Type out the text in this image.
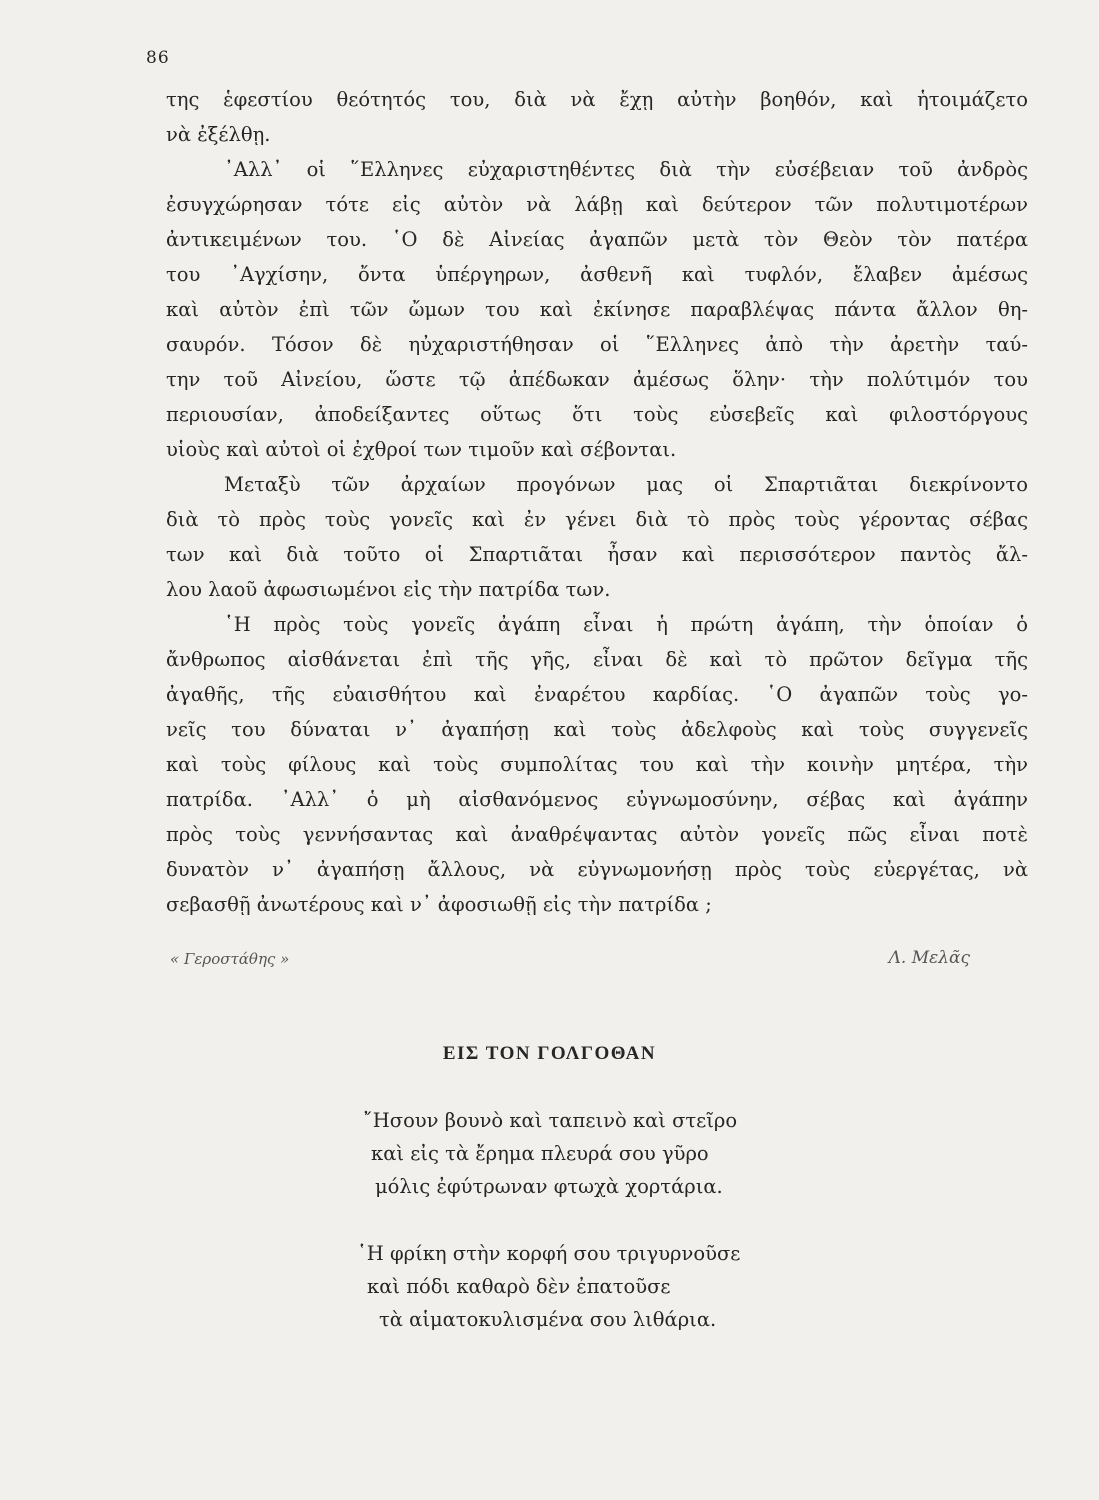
86
της ἑφεστίου θεότητός του, διὰ νὰ ἔχῃ αὐτὴν βοηθόν, καὶ ἡτοιμάζετο
νὰ ἐξέλθῃ.
᾿Αλλ᾽ οἱ ῞Ελληνες εὐχαριστηθέντες διὰ τὴν εὐσέβειαν τοῦ ἀνδρὸς
ἐσυγχώρησαν τότε εἰς αὐτὸν νὰ λάβῃ καὶ δεύτερον τῶν πολυτιμοτέρων
ἀντικειμένων του. ῾Ο δὲ Αἰνείας ἀγαπῶν μετὰ τὸν Θεὸν τὸν πατέρα
του ᾿Αγχίσην, ὄντα ὑπέργηρων, ἀσθενῆ καὶ τυφλόν, ἔλαβεν ἀμέσως
καὶ αὐτὸν ἐπὶ τῶν ὤμων του καὶ ἐκίνησε παραβλέψας πάντα ἄλλον θη-
σαυρόν. Τόσον δὲ ηὐχαριστήθησαν οἱ ῞Ελληνες ἀπὸ τὴν ἀρετὴν ταύ-
την τοῦ Αἰνείου, ὥστε τῷ ἀπέδωκαν ἀμέσως ὅλην· τὴν πολύτιμόν του
περιουσίαν, ἀποδείξαντες οὕτως ὅτι τοὺς εὐσεβεῖς καὶ φιλοστόργους
υἱοὺς καὶ αὐτοὶ οἱ ἐχθροί των τιμοῦν καὶ σέβονται.
Μεταξὺ τῶν ἀρχαίων προγόνων μας οἱ Σπαρτιᾶται διεκρίνοντο
διὰ τὸ πρὸς τοὺς γονεῖς καὶ ἐν γένει διὰ τὸ πρὸς τοὺς γέροντας σέβας
των καὶ διὰ τοῦτο οἱ Σπαρτιᾶται ἦσαν καὶ περισσότερον παντὸς ἄλ-
λου λαοῦ ἀφωσιωμένοι εἰς τὴν πατρίδα των.
῾Η πρὸς τοὺς γονεῖς ἀγάπη εἶναι ἡ πρώτη ἀγάπη, τὴν ὁποίαν ὁ
ἄνθρωπος αἰσθάνεται ἐπὶ τῆς γῆς, εἶναι δὲ καὶ τὸ πρῶτον δεῖγμα τῆς
ἀγαθῆς, τῆς εὐαισθήτου καὶ ἐναρέτου καρδίας. ῾Ο ἀγαπῶν τοὺς γο-
νεῖς του δύναται ν᾽ ἀγαπήσῃ καὶ τοὺς ἀδελφοὺς καὶ τοὺς συγγενεῖς
καὶ τοὺς φίλους καὶ τοὺς συμπολίτας του καὶ τὴν κοινὴν μητέρα, τὴν
πατρίδα. ᾿Αλλ᾽ ὁ μὴ αἰσθανόμενος εὐγνωμοσύνην, σέβας καὶ ἀγάπην
πρὸς τοὺς γεννήσαντας καὶ ἀναθρέψαντας αὐτὸν γονεῖς πῶς εἶναι ποτὲ
δυνατὸν ν᾽ ἀγαπήσῃ ἄλλους, νὰ εὐγνωμονήσῃ πρὸς τοὺς εὐεργέτας, νὰ
σεβασθῇ ἀνωτέρους καὶ ν᾽ ἀφοσιωθῇ εἰς τὴν πατρίδα ;
« Γεροστάθης »	Λ. Μελᾶς
ΕΙΣ ΤΟΝ ΓΟΛΓΟΘΑΝ
῎Ησουν βουνὸ καὶ ταπεινὸ καὶ στεῖρο
καὶ εἰς τὰ ἔρημα πλευρά σου γῦρο
μόλις ἐφύτρωναν φτωχὰ χορτάρια.
῾Η φρίκη στὴν κορφή σου τριγυρνοῦσε
καὶ πόδι καθαρὸ δὲν ἐπατοῦσε
τὰ αἱματοκυλισμένα σου λιθάρια.
